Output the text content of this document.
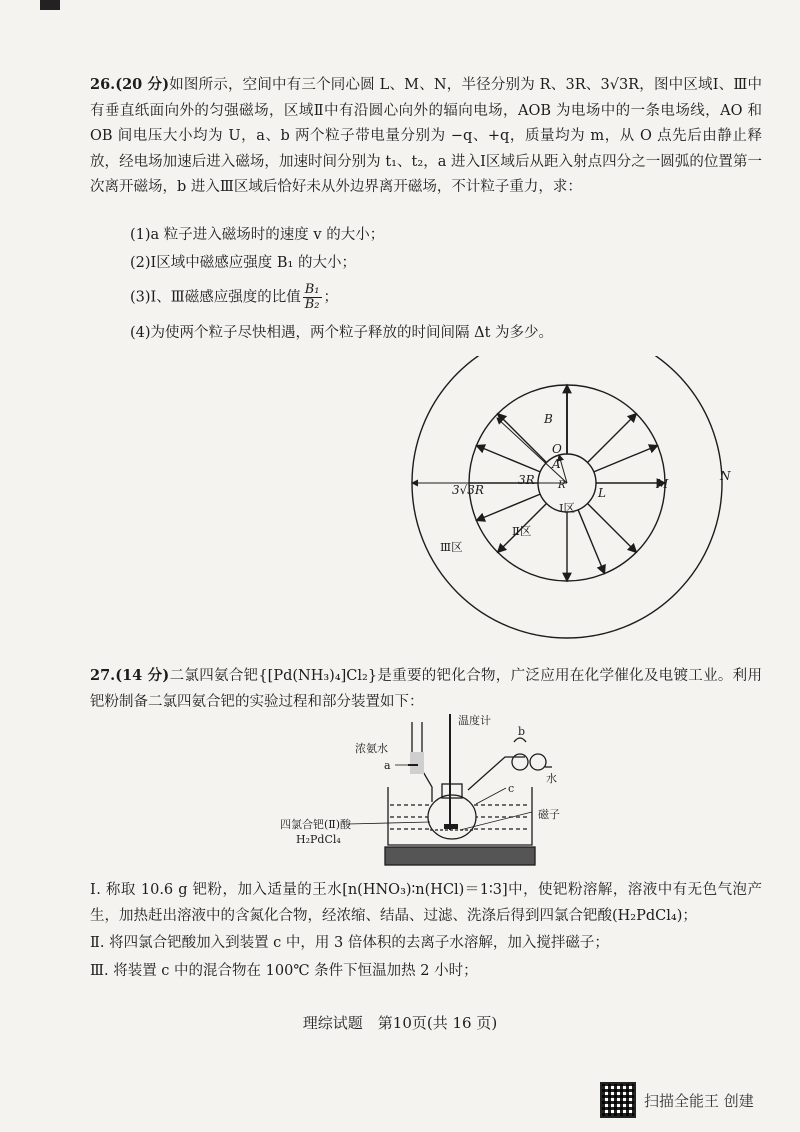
26.(20 分)如图所示，空间中有三个同心圆 L、M、N，半径分别为 R、3R、3√3R，图中区域Ⅰ、Ⅲ中有垂直纸面向外的匀强磁场，区域Ⅱ中有沿圆心向外的辐向电场，AOB 为电场中的一条电场线，AO 和 OB 间电压大小均为 U，a、b 两个粒子带电量分别为 −q、+q，质量均为 m，从 O 点先后由静止释放，经电场加速后进入磁场，加速时间分别为 t₁、t₂，a 进入Ⅰ区域后从距入射点四分之一圆弧的位置第一次离开磁场，b 进入Ⅲ区域后恰好未从外边界离开磁场，不计粒子重力，求：

(1)a 粒子进入磁场时的速度 v 的大小；
(2)Ⅰ区域中磁感应强度 B₁ 的大小；
(3)Ⅰ、Ⅲ磁感应强度的比值 $\frac{\text{B₁}}{\text{B₂}}$ ；
(4)为使两个粒子尽快相遇，两个粒子释放的时间间隔 Δt 为多少。
B
O
A
R
3R
3√3R	L
M
N
Ⅰ区
Ⅱ区
Ⅲ区

27.(14 分)二氯四氨合钯{[Pd(NH₃)₄]Cl₂}是重要的钯化合物，广泛应用在化学催化及电镀工业。利用钯粉制备二氯四氨合钯的实验过程和部分装置如下：

温度计
浓氨水
a
b
c
水
磁子
四氯合钯(Ⅱ)酸
H₂PdCl₄

Ⅰ. 称取 10.6 g 钯粉，加入适量的王水[n(HNO₃)∶n(HCl)＝1∶3]中，使钯粉溶解，溶液中有无色气泡产生，加热赶出溶液中的含氮化合物，经浓缩、结晶、过滤、洗涤后得到四氯合钯酸(H₂PdCl₄)；

Ⅱ. 将四氯合钯酸加入到装置 c 中，用 3 倍体积的去离子水溶解，加入搅拌磁子；

Ⅲ. 将装置 c 中的混合物在 100℃ 条件下恒温加热 2 小时；

理综试题　第10页(共 16 页)
扫描全能王 创建
